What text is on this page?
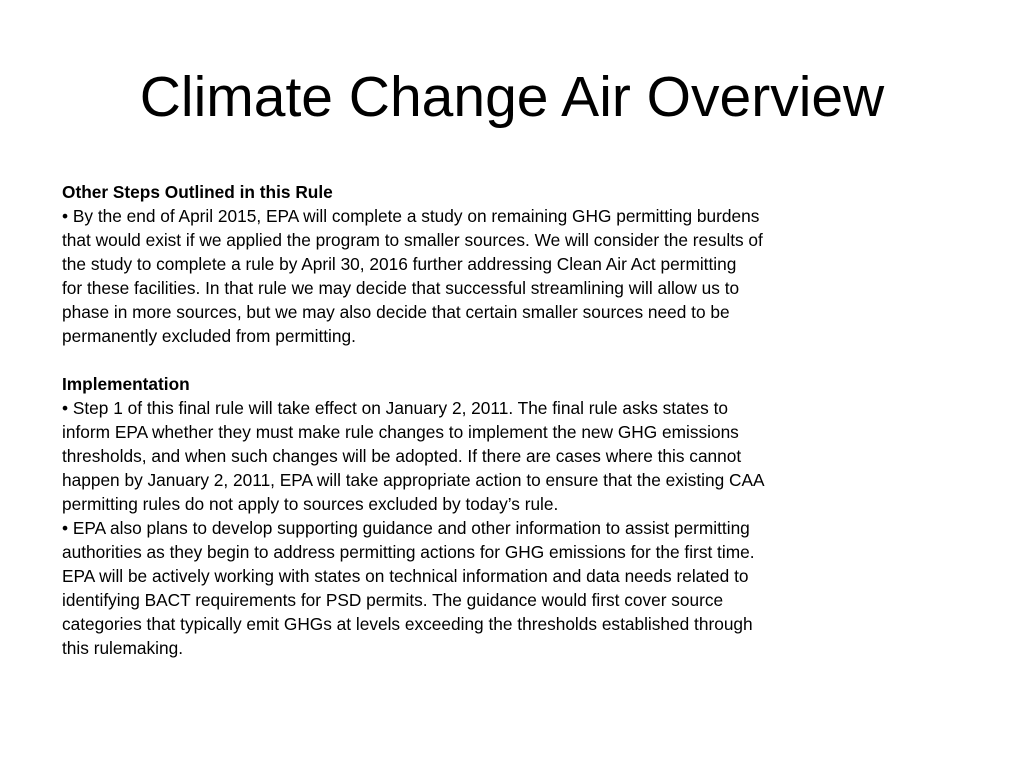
Climate Change Air Overview
Other Steps Outlined in this Rule
• By the end of April 2015, EPA will complete a study on remaining GHG permitting burdens
that would exist if we applied the program to smaller sources. We will consider the results of
the study to complete a rule by April 30, 2016 further addressing Clean Air Act permitting
for these facilities. In that rule we may decide that successful streamlining will allow us to
phase in more sources, but we may also decide that certain smaller sources need to be
permanently excluded from permitting.
Implementation
• Step 1 of this final rule will take effect on January 2, 2011. The final rule asks states to
inform EPA whether they must make rule changes to implement the new GHG emissions
thresholds, and when such changes will be adopted. If there are cases where this cannot
happen by January 2, 2011, EPA will take appropriate action to ensure that the existing CAA
permitting rules do not apply to sources excluded by today’s rule.
• EPA also plans to develop supporting guidance and other information to assist permitting
authorities as they begin to address permitting actions for GHG emissions for the first time.
EPA will be actively working with states on technical information and data needs related to
identifying BACT requirements for PSD permits. The guidance would first cover source
categories that typically emit GHGs at levels exceeding the thresholds established through
this rulemaking.
